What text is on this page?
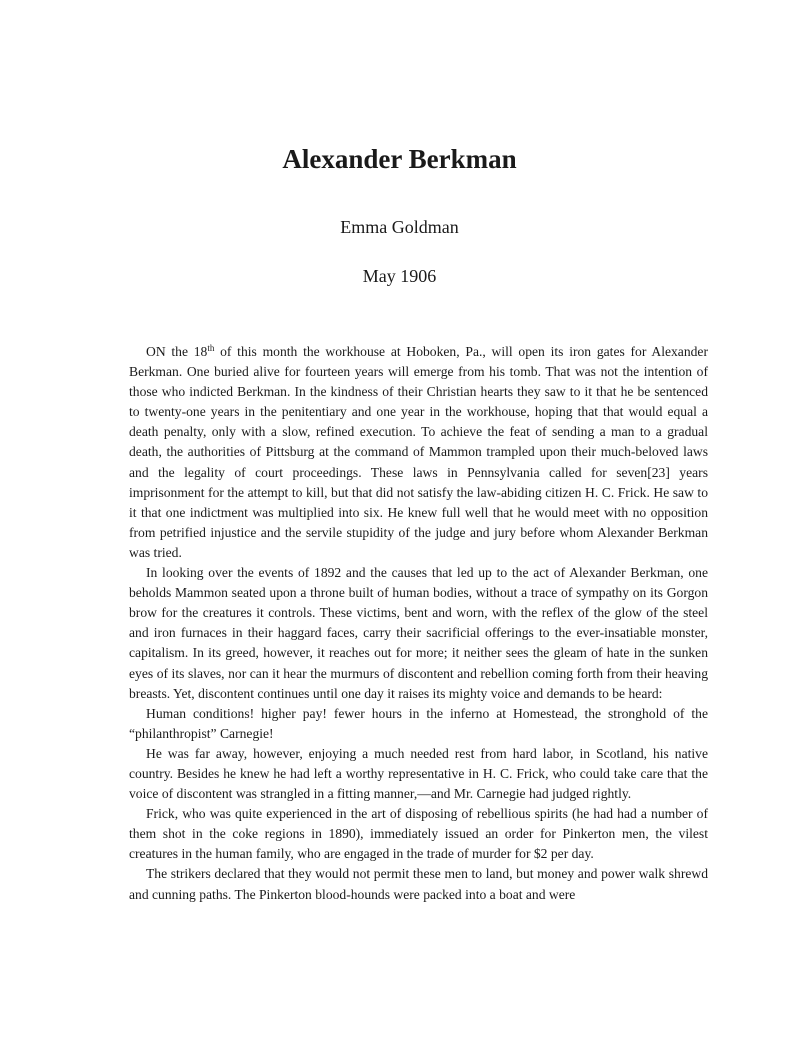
Alexander Berkman
Emma Goldman
May 1906

ON the 18th of this month the workhouse at Hoboken, Pa., will open its iron gates for Alexander Berkman. One buried alive for fourteen years will emerge from his tomb. That was not the intention of those who indicted Berkman. In the kindness of their Christian hearts they saw to it that he be sentenced to twenty-one years in the penitentiary and one year in the workhouse, hoping that that would equal a death penalty, only with a slow, refined execution. To achieve the feat of sending a man to a gradual death, the authorities of Pittsburg at the command of Mammon trampled upon their much-beloved laws and the legality of court proceedings. These laws in Pennsylvania called for seven[23] years imprisonment for the attempt to kill, but that did not satisfy the law-abiding citizen H. C. Frick. He saw to it that one indictment was multiplied into six. He knew full well that he would meet with no opposition from petrified injustice and the servile stupidity of the judge and jury before whom Alexander Berkman was tried.

In looking over the events of 1892 and the causes that led up to the act of Alexander Berkman, one beholds Mammon seated upon a throne built of human bodies, without a trace of sympathy on its Gorgon brow for the creatures it controls. These victims, bent and worn, with the reflex of the glow of the steel and iron furnaces in their haggard faces, carry their sacrificial offerings to the ever-insatiable monster, capitalism. In its greed, however, it reaches out for more; it neither sees the gleam of hate in the sunken eyes of its slaves, nor can it hear the murmurs of discontent and rebellion coming forth from their heaving breasts. Yet, discontent continues until one day it raises its mighty voice and demands to be heard:

Human conditions! higher pay! fewer hours in the inferno at Homestead, the stronghold of the “philanthropist” Carnegie!

He was far away, however, enjoying a much needed rest from hard labor, in Scotland, his native country. Besides he knew he had left a worthy representative in H. C. Frick, who could take care that the voice of discontent was strangled in a fitting manner,—and Mr. Carnegie had judged rightly.

Frick, who was quite experienced in the art of disposing of rebellious spirits (he had had a number of them shot in the coke regions in 1890), immediately issued an order for Pinkerton men, the vilest creatures in the human family, who are engaged in the trade of murder for $2 per day.

The strikers declared that they would not permit these men to land, but money and power walk shrewd and cunning paths. The Pinkerton blood-hounds were packed into a boat and were
